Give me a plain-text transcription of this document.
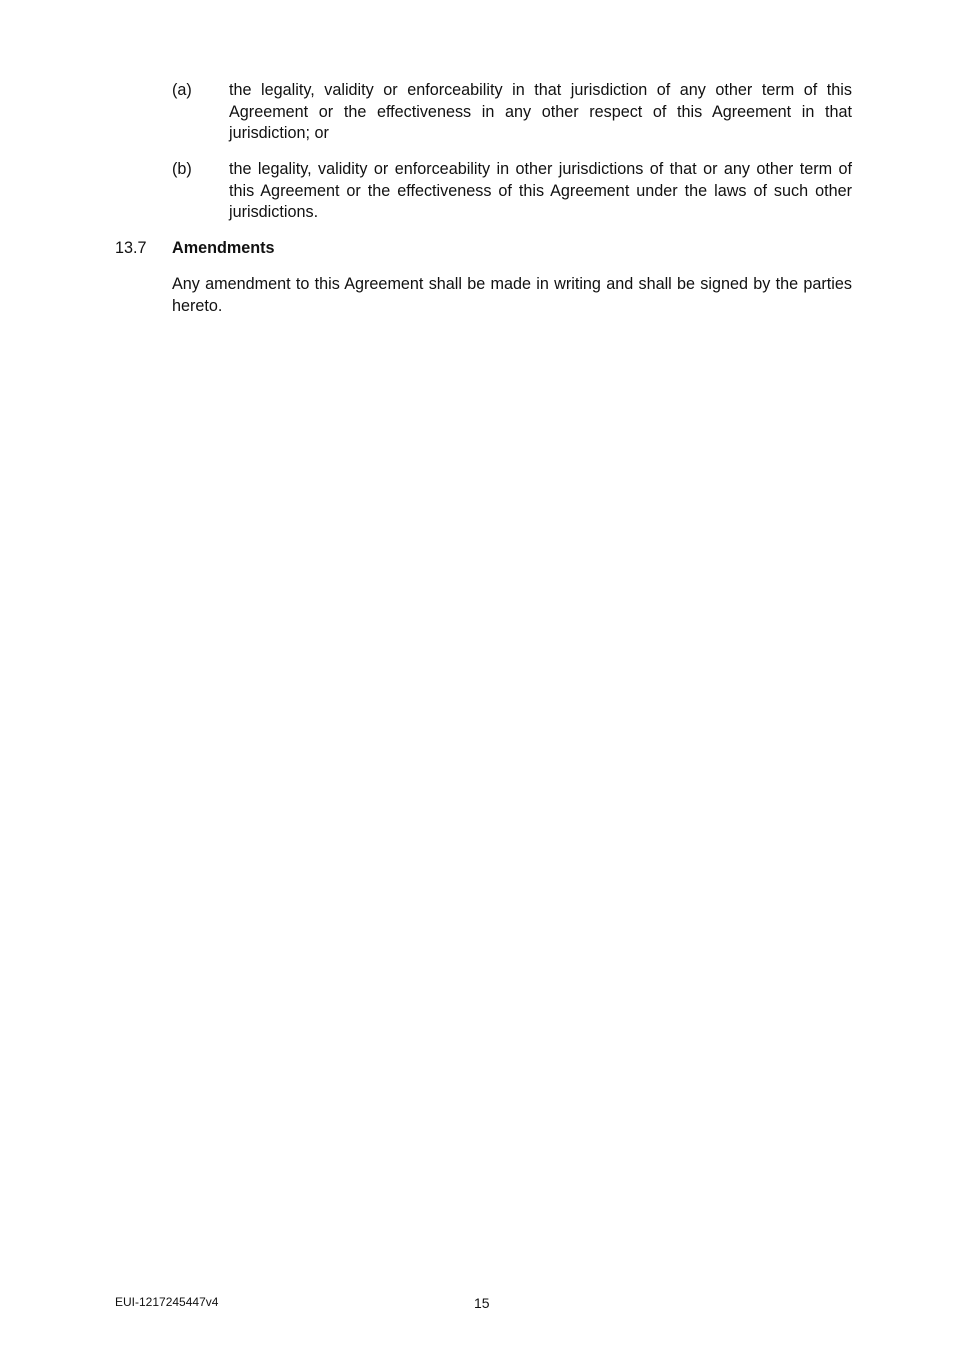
(a)	the legality, validity or enforceability in that jurisdiction of any other term of this Agreement or the effectiveness in any other respect of this Agreement in that jurisdiction; or
(b)	the legality, validity or enforceability in other jurisdictions of that or any other term of this Agreement or the effectiveness of this Agreement under the laws of such other jurisdictions.
13.7 Amendments
Any amendment to this Agreement shall be made in writing and shall be signed by the parties hereto.
EUI-1217245447v4	15
